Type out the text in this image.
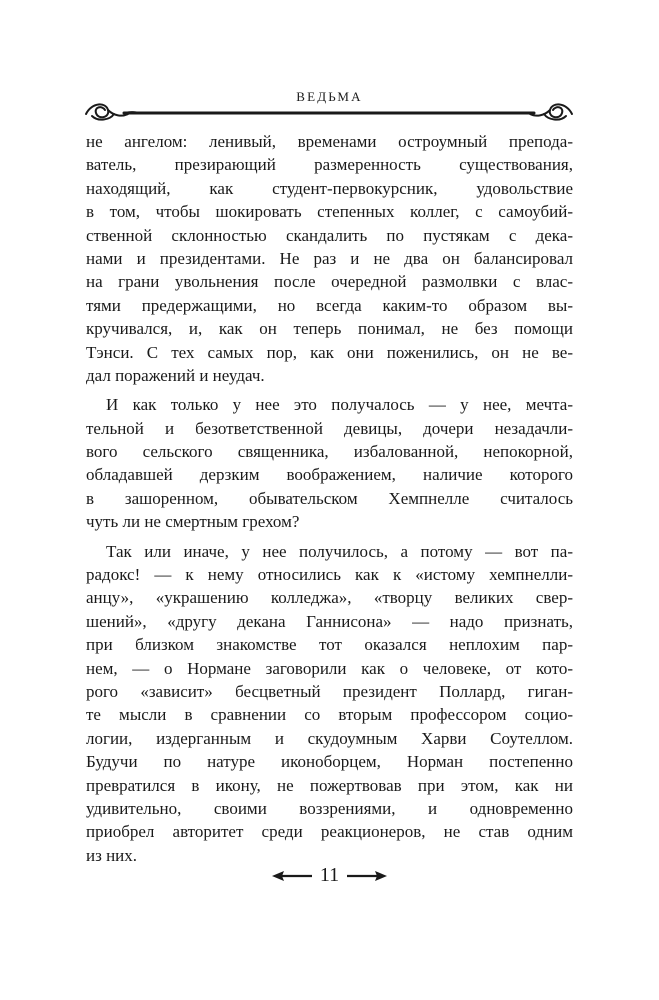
ВЕДЬМА
не ангелом: ленивый, временами остроумный препода-
ватель, презирающий размеренность существования,
находящий, как студент-первокурсник, удовольствие
в том, чтобы шокировать степенных коллег, с самоубий-
ственной склонностью скандалить по пустякам с дека-
нами и президентами. Не раз и не два он балансировал
на грани увольнения после очередной размолвки с влас-
тями предержащими, но всегда каким-то образом вы-
кручивался, и, как он теперь понимал, не без помощи
Тэнси. С тех самых пор, как они поженились, он не ве-
дал поражений и неудач.
И как только у нее это получалось — у нее, мечта-
тельной и безответственной девицы, дочери незадачли-
вого сельского священника, избалованной, непокорной,
обладавшей дерзким воображением, наличие которого
в зашоренном, обывательском Хемпнелле считалось
чуть ли не смертным грехом?
Так или иначе, у нее получилось, а потому — вот па-
радокс! — к нему относились как к «истому хемпнелли-
анцу», «украшению колледжа», «творцу великих свер-
шений», «другу декана Ганнисона» — надо признать,
при близком знакомстве тот оказался неплохим пар-
нем, — о Нормане заговорили как о человеке, от кото-
рого «зависит» бесцветный президент Поллард, гиган-
те мысли в сравнении со вторым профессором социо-
логии, издерганным и скудоумным Харви Соутеллом.
Будучи по натуре иконоборцем, Норман постепенно
превратился в икону, не пожертвовав при этом, как ни
удивительно, своими воззрениями, и одновременно
приобрел авторитет среди реакционеров, не став одним
из них.
11
